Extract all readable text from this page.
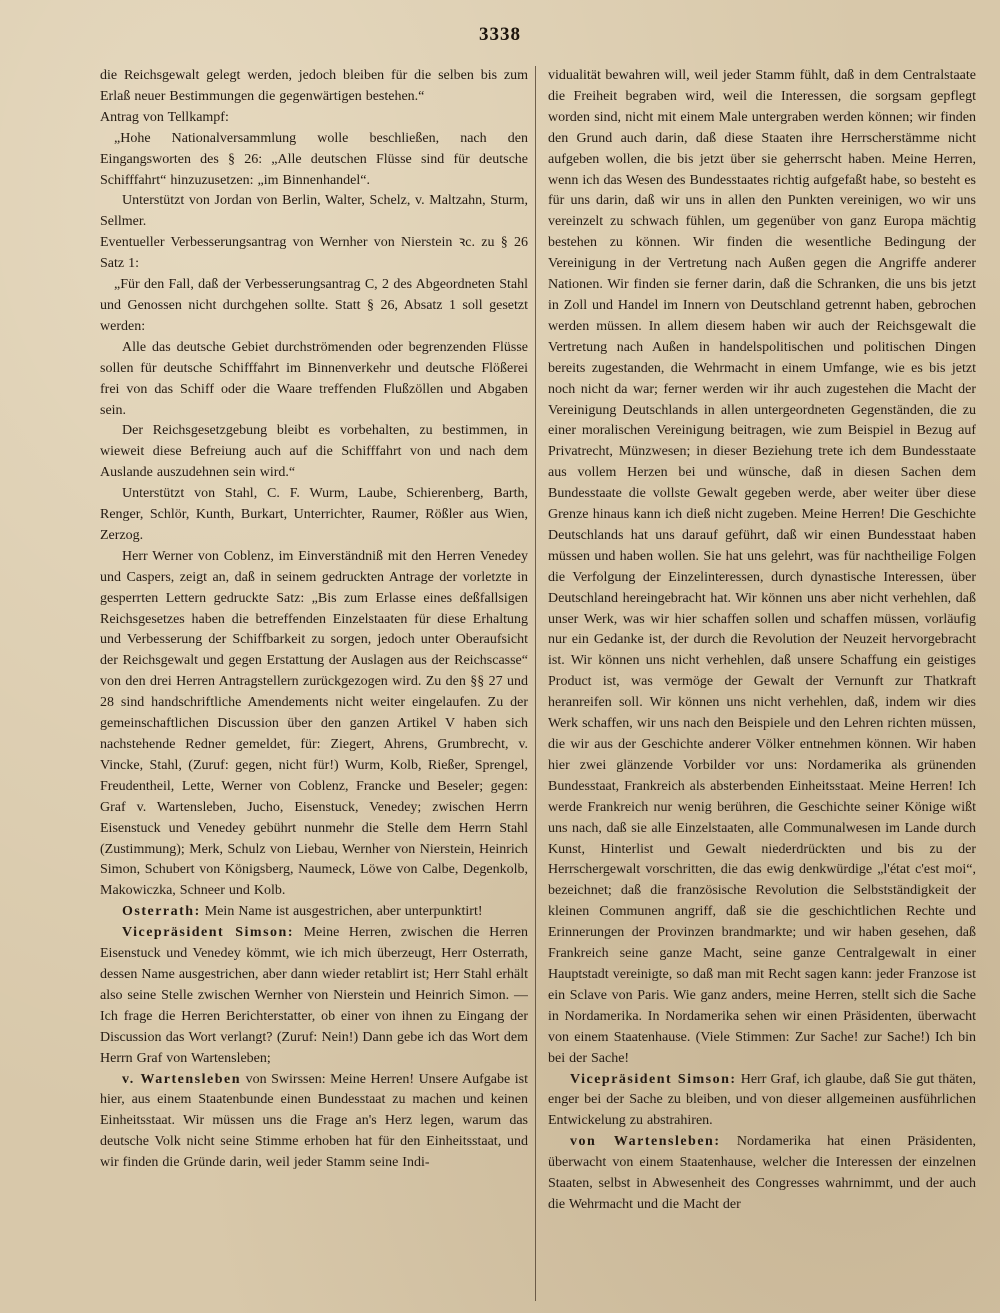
3338

die Reichsgewalt gelegt werden, jedoch bleiben für die selben bis zum Erlaß neuer Bestimmungen die gegenwärtigen bestehen.“

Antrag von Tellkampf:

„Hohe Nationalversammlung wolle beschließen, nach den Eingangsworten des § 26: „Alle deutschen Flüsse sind für deutsche Schifffahrt“ hinzuzusetzen: „im Binnenhandel“.

Unterstützt von Jordan von Berlin, Walter, Schelz, v. Maltzahn, Sturm, Sellmer.

Eventueller Verbesserungsantrag von Wernher von Nierstein ꝛc. zu § 26 Satz 1:

„Für den Fall, daß der Verbesserungsantrag C, 2 des Abgeordneten Stahl und Genossen nicht durchgehen sollte. Statt § 26, Absatz 1 soll gesetzt werden:

Alle das deutsche Gebiet durchströmenden oder begrenzenden Flüsse sollen für deutsche Schifffahrt im Binnenverkehr und deutsche Flößerei frei von das Schiff oder die Waare treffenden Flußzöllen und Abgaben sein.

Der Reichsgesetzgebung bleibt es vorbehalten, zu bestimmen, in wieweit diese Befreiung auch auf die Schifffahrt von und nach dem Auslande auszudehnen sein wird.“

Unterstützt von Stahl, C. F. Wurm, Laube, Schierenberg, Barth, Renger, Schlör, Kunth, Burkart, Unterrichter, Raumer, Rößler aus Wien, Zerzog.

Herr Werner von Coblenz, im Einverständniß mit den Herren Venedey und Caspers, zeigt an, daß in seinem gedruckten Antrage der vorletzte in gesperrten Lettern gedruckte Satz: „Bis zum Erlasse eines deßfallsigen Reichsgesetzes haben die betreffenden Einzelstaaten für diese Erhaltung und Verbesserung der Schiffbarkeit zu sorgen, jedoch unter Oberaufsicht der Reichsgewalt und gegen Erstattung der Auslagen aus der Reichscasse“ von den drei Herren Antragstellern zurückgezogen wird. Zu den §§ 27 und 28 sind handschriftliche Amendements nicht weiter eingelaufen. Zu der gemeinschaftlichen Discussion über den ganzen Artikel V haben sich nachstehende Redner gemeldet, für: Ziegert, Ahrens, Grumbrecht, v. Vincke, Stahl, (Zuruf: gegen, nicht für!) Wurm, Kolb, Rießer, Sprengel, Freudentheil, Lette, Werner von Coblenz, Francke und Beseler; gegen: Graf v. Wartensleben, Jucho, Eisenstuck, Venedey; zwischen Herrn Eisenstuck und Venedey gebührt nunmehr die Stelle dem Herrn Stahl (Zustimmung); Merk, Schulz von Liebau, Wernher von Nierstein, Heinrich Simon, Schubert von Königsberg, Naumeck, Löwe von Calbe, Degenkolb, Makowiczka, Schneer und Kolb.

Osterrath: Mein Name ist ausgestrichen, aber unterpunktirt!

Vicepräsident Simson: Meine Herren, zwischen die Herren Eisenstuck und Venedey kömmt, wie ich mich überzeugt, Herr Osterrath, dessen Name ausgestrichen, aber dann wieder retablirt ist; Herr Stahl erhält also seine Stelle zwischen Wernher von Nierstein und Heinrich Simon. — Ich frage die Herren Berichterstatter, ob einer von ihnen zu Eingang der Discussion das Wort verlangt? (Zuruf: Nein!) Dann gebe ich das Wort dem Herrn Graf von Wartensleben;

v. Wartensleben von Swirssen: Meine Herren! Unsere Aufgabe ist hier, aus einem Staatenbunde einen Bundesstaat zu machen und keinen Einheitsstaat. Wir müssen uns die Frage an's Herz legen, warum das deutsche Volk nicht seine Stimme erhoben hat für den Einheitsstaat, und wir finden die Gründe darin, weil jeder Stamm seine Indi-

vidualität bewahren will, weil jeder Stamm fühlt, daß in dem Centralstaate die Freiheit begraben wird, weil die Interessen, die sorgsam gepflegt worden sind, nicht mit einem Male untergraben werden können; wir finden den Grund auch darin, daß diese Staaten ihre Herrscherstämme nicht aufgeben wollen, die bis jetzt über sie geherrscht haben. Meine Herren, wenn ich das Wesen des Bundesstaates richtig aufgefaßt habe, so besteht es für uns darin, daß wir uns in allen den Punkten vereinigen, wo wir uns vereinzelt zu schwach fühlen, um gegenüber von ganz Europa mächtig bestehen zu können. Wir finden die wesentliche Bedingung der Vereinigung in der Vertretung nach Außen gegen die Angriffe anderer Nationen. Wir finden sie ferner darin, daß die Schranken, die uns bis jetzt in Zoll und Handel im Innern von Deutschland getrennt haben, gebrochen werden müssen. In allem diesem haben wir auch der Reichsgewalt die Vertretung nach Außen in handelspolitischen und politischen Dingen bereits zugestanden, die Wehrmacht in einem Umfange, wie es bis jetzt noch nicht da war; ferner werden wir ihr auch zugestehen die Macht der Vereinigung Deutschlands in allen untergeordneten Gegenständen, die zu einer moralischen Vereinigung beitragen, wie zum Beispiel in Bezug auf Privatrecht, Münzwesen; in dieser Beziehung trete ich dem Bundesstaate aus vollem Herzen bei und wünsche, daß in diesen Sachen dem Bundesstaate die vollste Gewalt gegeben werde, aber weiter über diese Grenze hinaus kann ich dieß nicht zugeben. Meine Herren! Die Geschichte Deutschlands hat uns darauf geführt, daß wir einen Bundesstaat haben müssen und haben wollen. Sie hat uns gelehrt, was für nachtheilige Folgen die Verfolgung der Einzelinteressen, durch dynastische Interessen, über Deutschland hereingebracht hat. Wir können uns aber nicht verhehlen, daß unser Werk, was wir hier schaffen sollen und schaffen müssen, vorläufig nur ein Gedanke ist, der durch die Revolution der Neuzeit hervorgebracht ist. Wir können uns nicht verhehlen, daß unsere Schaffung ein geistiges Product ist, was vermöge der Gewalt der Vernunft zur Thatkraft heranreifen soll. Wir können uns nicht verhehlen, daß, indem wir dies Werk schaffen, wir uns nach den Beispiele und den Lehren richten müssen, die wir aus der Geschichte anderer Völker entnehmen können. Wir haben hier zwei glänzende Vorbilder vor uns: Nordamerika als grünenden Bundesstaat, Frankreich als absterbenden Einheitsstaat. Meine Herren! Ich werde Frankreich nur wenig berühren, die Geschichte seiner Könige wißt uns nach, daß sie alle Einzelstaaten, alle Communalwesen im Lande durch Kunst, Hinterlist und Gewalt niederdrückten und bis zu der Herrschergewalt vorschritten, die das ewig denkwürdige „l'état c'est moi“, bezeichnet; daß die französische Revolution die Selbstständigkeit der kleinen Communen angriff, daß sie die geschichtlichen Rechte und Erinnerungen der Provinzen brandmarkte; und wir haben gesehen, daß Frankreich seine ganze Macht, seine ganze Centralgewalt in einer Hauptstadt vereinigte, so daß man mit Recht sagen kann: jeder Franzose ist ein Sclave von Paris. Wie ganz anders, meine Herren, stellt sich die Sache in Nordamerika. In Nordamerika sehen wir einen Präsidenten, überwacht von einem Staatenhause. (Viele Stimmen: Zur Sache! zur Sache!) Ich bin bei der Sache!

Vicepräsident Simson: Herr Graf, ich glaube, daß Sie gut thäten, enger bei der Sache zu bleiben, und von dieser allgemeinen ausführlichen Entwickelung zu abstrahiren.

von Wartensleben: Nordamerika hat einen Präsidenten, überwacht von einem Staatenhause, welcher die Interessen der einzelnen Staaten, selbst in Abwesenheit des Congresses wahrnimmt, und der auch die Wehrmacht und die Macht der
